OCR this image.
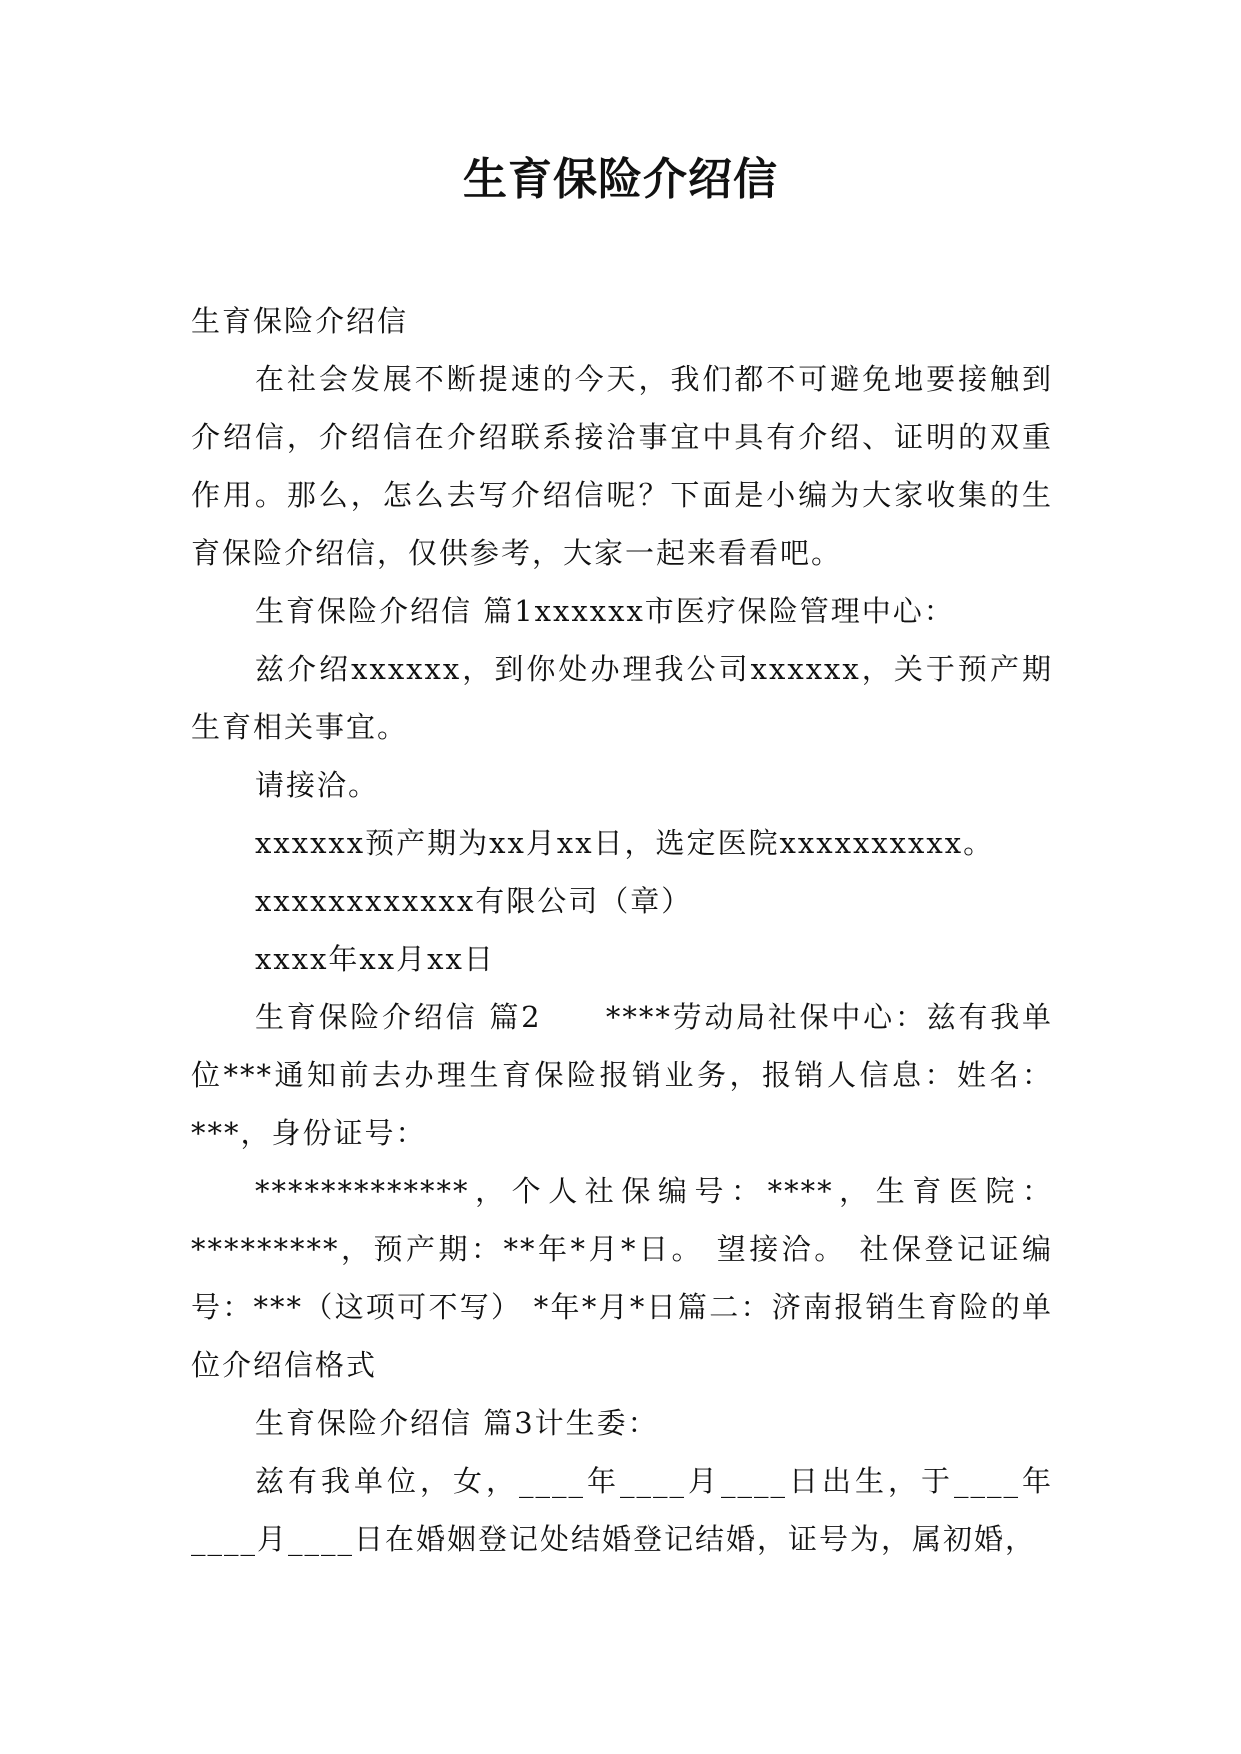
生育保险介绍信

生育保险介绍信

在社会发展不断提速的今天，我们都不可避免地要接触到介绍信，介绍信在介绍联系接洽事宜中具有介绍、证明的双重作用。那么，怎么去写介绍信呢？下面是小编为大家收集的生育保险介绍信，仅供参考，大家一起来看看吧。

生育保险介绍信 篇1xxxxxx市医疗保险管理中心：

兹介绍xxxxxx，到你处办理我公司xxxxxx，关于预产期生育相关事宜。

请接洽。

xxxxxx预产期为xx月xx日，选定医院xxxxxxxxxx。

xxxxxxxxxxxx有限公司（章）

xxxx年xx月xx日

生育保险介绍信 篇2　　****劳动局社保中心：兹有我单位***通知前去办理生育保险报销业务，报销人信息：姓名：***，身份证号：

*************，个人社保编号：****，生育医院：*********，预产期：**年*月*日。 望接洽。 社保登记证编号：***（这项可不写） *年*月*日篇二：济南报销生育险的单位介绍信格式

生育保险介绍信 篇3计生委：

兹有我单位，女，____年____月____日出生，于____年____月____日在婚姻登记处结婚登记结婚，证号为，属初婚，
